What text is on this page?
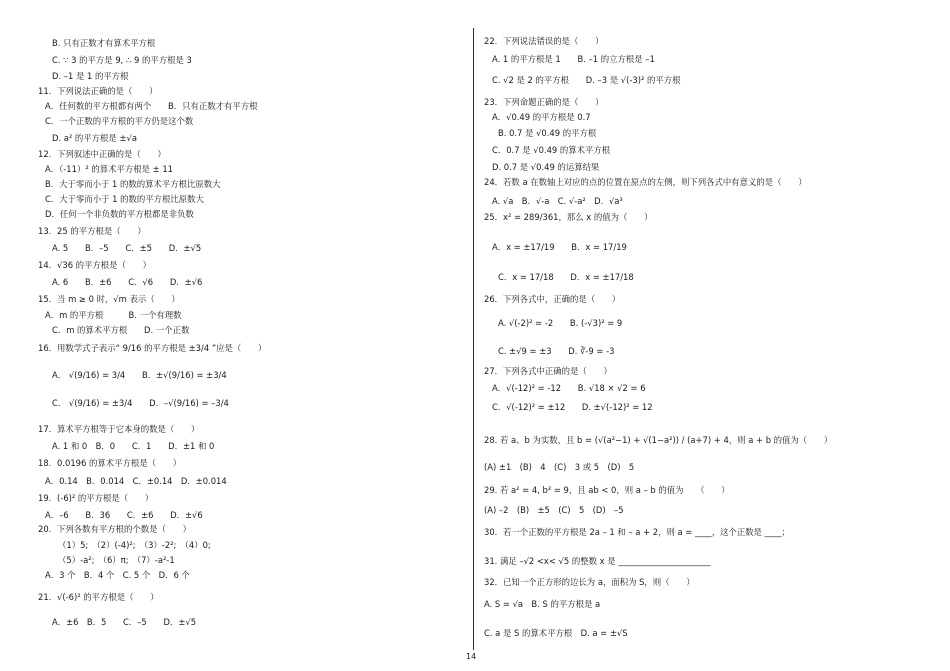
B. 只有正数才有算术平方根
C. ∵ 3 的平方是 9, ∴ 9 的平方根是 3
D. –1 是 1 的平方根
11．下列说法正确的是（　　）
A．任何数的平方根都有两个　　B．只有正数才有平方根
C．一个正数的平方根的平方仍是这个数
D. a² 的平方根是 ±√a
12．下列叙述中正确的是（　　）
A．（-11）² 的算术平方根是 ± 11
B．大于零而小于 1 的数的算术平方根比原数大
C．大于零而小于 1 的数的平方根比原数大
D．任何一个非负数的平方根都是非负数
13．25 的平方根是（　　）
A. 5　　B．–5　　C．±5　　D．±√5
14．√36 的平方根是（　　）
A. 6　　B．±6　　C．√6　　D．±√6
15．当 m ≥ 0 时，√m 表示（　　）
A．m 的平方根　　　B. 一个有理数
C．m 的算术平方根　　D. 一个正数
16．用数学式子表示“ 9/16 的平方根是 ±3/4 ”应是（　　）
A． √(9/16) = 3/4　　B．±√(9/16) = ±3/4
C． √(9/16) = ±3/4　　D．–√(9/16) = –3/4
17．算术平方根等于它本身的数是（　　）
A. 1 和 0　B．0　　C．1　　D．±1 和 0
18．0.0196 的算术平方根是（　　）
A．0.14　B．0.014　C．±0.14　D．±0.014
19．(-6)² 的平方根是（　　）
A．–6　　B．36　　C．±6　　D．±√6
20．下列各数有平方根的个数是（　　）
（1）5;　（2）(-4)²;　（3）-2²;　（4）0;
（5）-a²;　（6）π;　（7）-a²-1
A．3 个　B．4 个　C. 5 个　D．6 个
21．√(-6)² 的平方根是（　　）
A．±6　B．5　　C．–5　　D．±√5
22．下列说法错误的是（　　）
A. 1 的平方根是 1　　B. –1 的立方根是 –1
C. √2 是 2 的平方根　　D. –3 是 √(-3)² 的平方根
23．下列命题正确的是（　　）
A．√0.49 的平方根是 0.7
B. 0.7 是 √0.49 的平方根
C．0.7 是 √0.49 的算术平方根
D. 0.7 是 √0.49 的运算结果
24．若数 a 在数轴上对应的点的位置在原点的左侧，则下列各式中有意义的是（　　）
A. √a　B．√-a　C. √-a²　D．√a³
25．x² = 289/361，那么 x 的值为（　　）
A．x = ±17/19　　B．x = 17/19
C．x = 17/18　　D．x = ±17/18
26．下列各式中，正确的是（　　）
A. √(-2)² = -2　　B. (-√3)² = 9
C. ±√9 = ±3　　D. ∛-9 = -3
27．下列各式中正确的是（　　）
A．√(-12)² = -12　　B. √18 × √2 = 6
C．√(-12)² = ±12　　D. ±√(-12)² = 12
28. 若 a、b 为实数，且 b = (√(a²−1) + √(1−a²)) / (a+7) + 4，则 a + b 的值为（　　）
(A) ±1　(B)　4　(C)　3 或 5　(D)　5
29. 若 a² = 4, b² = 9，且 ab < 0，则 a – b 的值为　　（　　）
(A) –2　(B)　±5　(C)　5　(D)　–5
30．若一个正数的平方根是 2a – 1 和 – a + 2，则 a = ____，这个正数是 ____；
31. 满足 –√2 <x< √5 的整数 x 是 ______________________
32．已知一个正方形的边长为 a，面积为 S，则（　　）
A. S = √a　B. S 的平方根是 a
C. a 是 S 的算术平方根　D. a = ±√S
14
